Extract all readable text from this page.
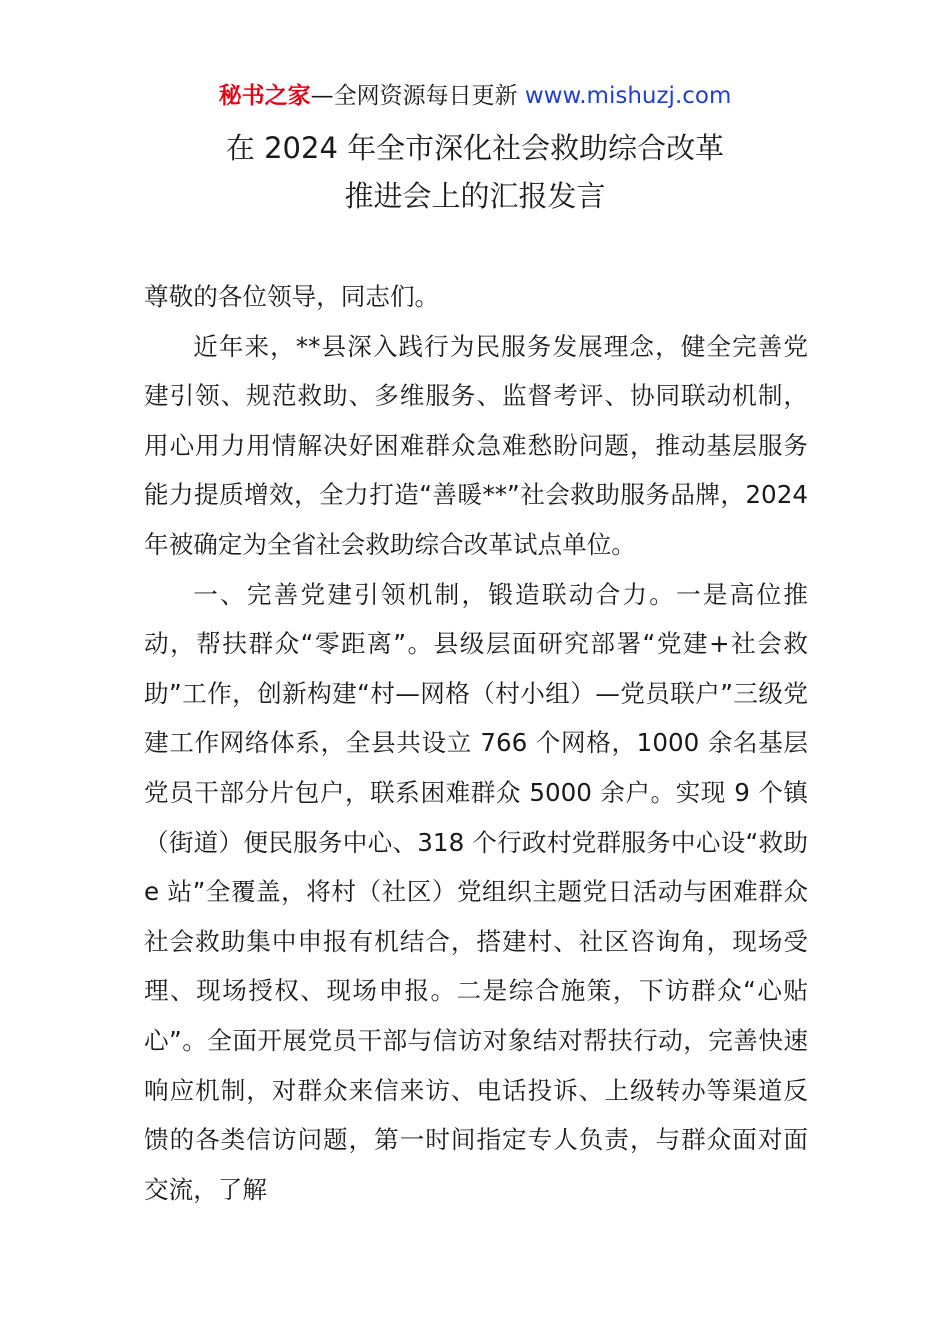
秘书之家—全网资源每日更新 www.mishuzj.com
在 2024 年全市深化社会救助综合改革
推进会上的汇报发言

尊敬的各位领导，同志们。

近年来，**县深入践行为民服务发展理念，健全完善党建引领、规范救助、多维服务、监督考评、协同联动机制，用心用力用情解决好困难群众急难愁盼问题，推动基层服务能力提质增效，全力打造“善暖**”社会救助服务品牌，2024 年被确定为全省社会救助综合改革试点单位。

一、完善党建引领机制，锻造联动合力。一是高位推动，帮扶群众“零距离”。县级层面研究部署“党建+社会救助”工作，创新构建“村—网格（村小组）—党员联户”三级党建工作网络体系，全县共设立 766 个网格，1000 余名基层党员干部分片包户，联系困难群众 5000 余户。实现 9 个镇（街道）便民服务中心、318 个行政村党群服务中心设“救助 e 站”全覆盖，将村（社区）党组织主题党日活动与困难群众社会救助集中申报有机结合，搭建村、社区咨询角，现场受理、现场授权、现场申报。二是综合施策，下访群众“心贴心”。全面开展党员干部与信访对象结对帮扶行动，完善快速响应机制，对群众来信来访、电话投诉、上级转办等渠道反馈的各类信访问题，第一时间指定专人负责，与群众面对面交流，了解
